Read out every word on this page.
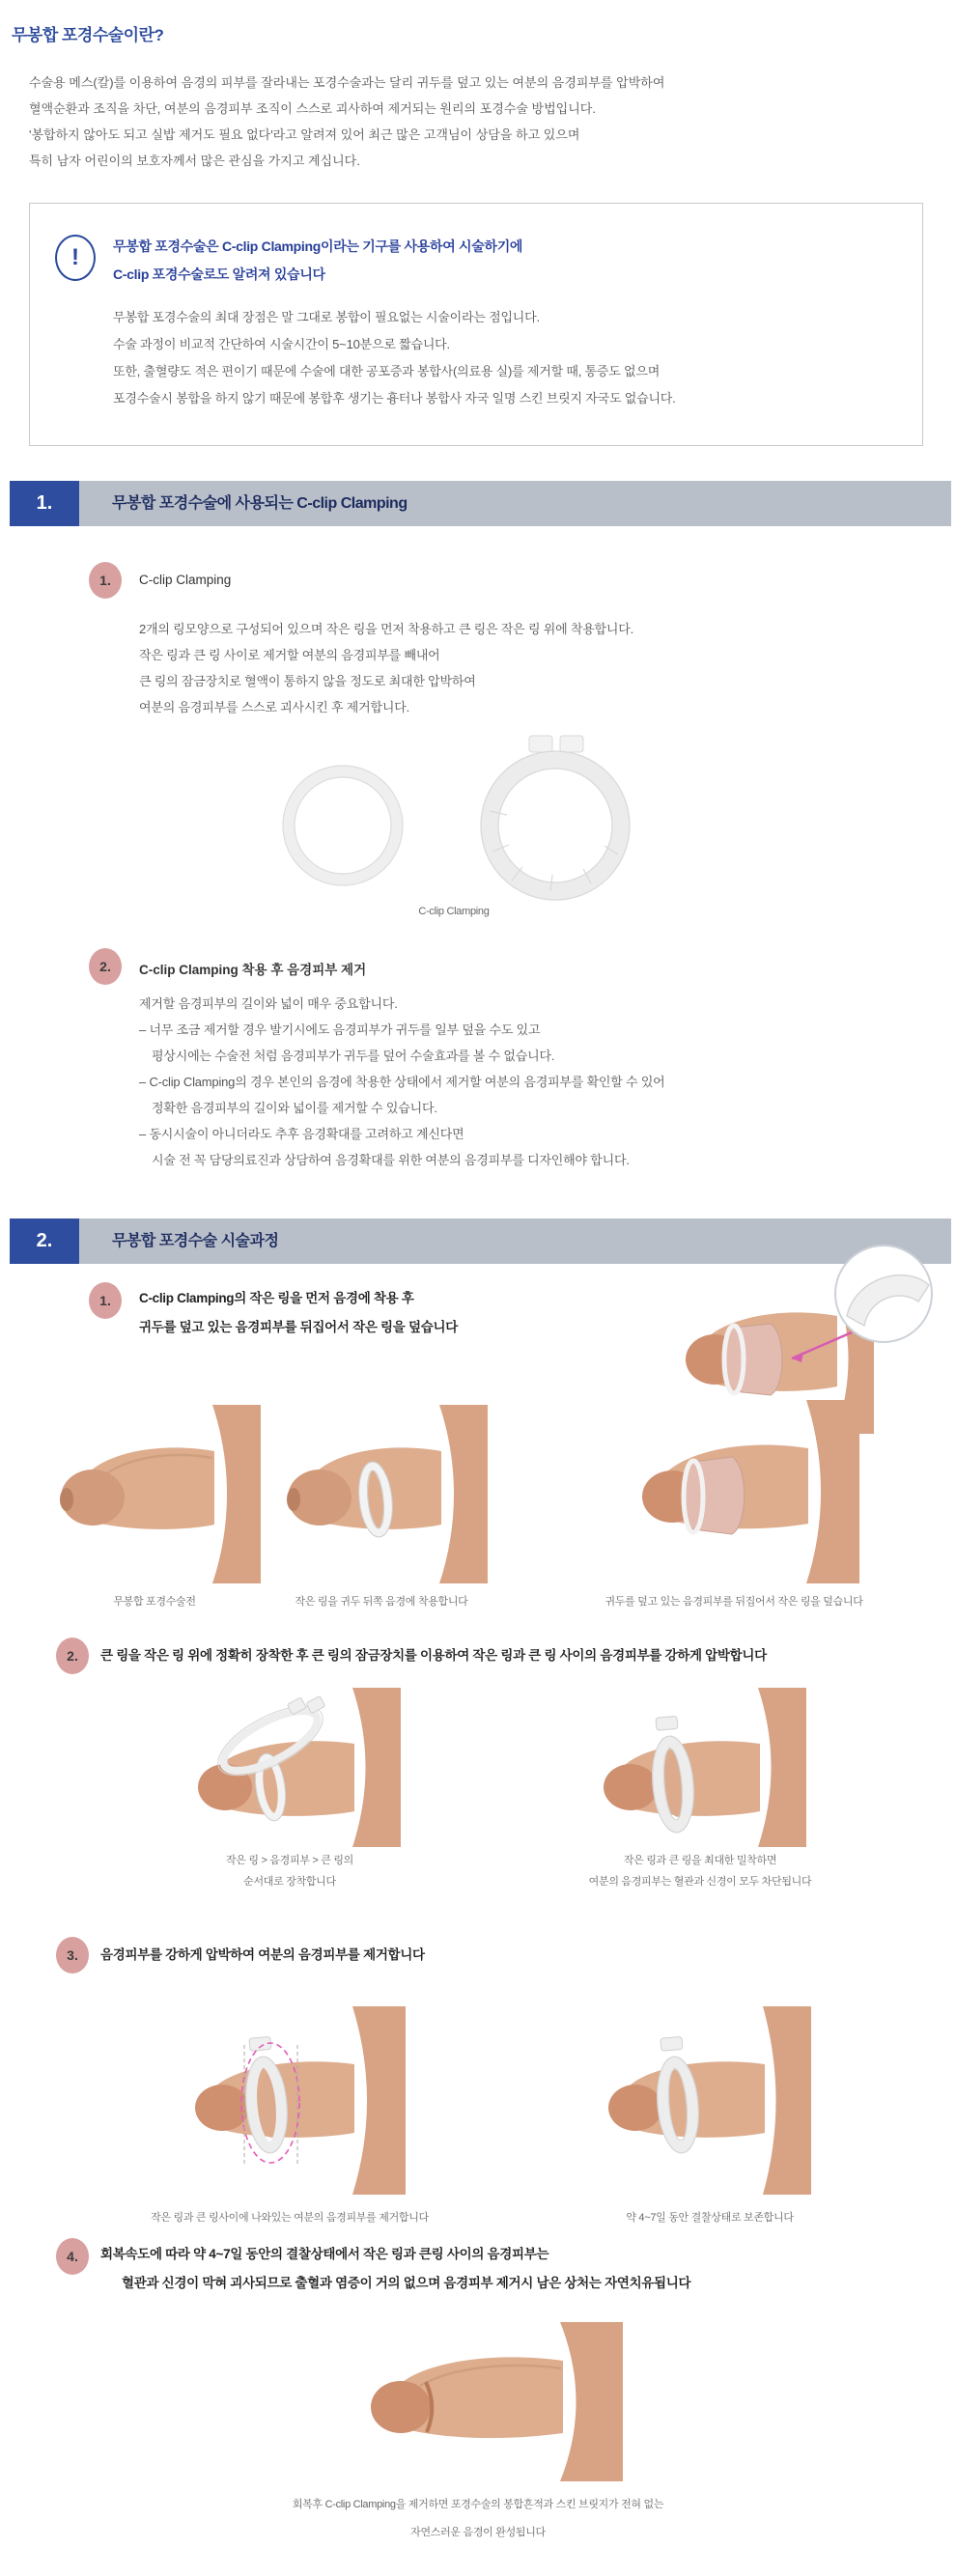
무봉합 포경수술이란?
수술용 메스(칼)를 이용하여 음경의 피부를 잘라내는 포경수술과는 달리 귀두를 덮고 있는 여분의 음경피부를 압박하여
혈액순환과 조직을 차단, 여분의 음경피부 조직이 스스로 괴사하여 제거되는 원리의 포경수술 방법입니다.
'봉합하지 않아도 되고 실밥 제거도 필요 없다'라고 알려져 있어 최근 많은 고객님이 상담을 하고 있으며
특히 남자 어린이의 보호자께서 많은 관심을 가지고 계십니다.
!	무봉합 포경수술은 C-clip Clamping이라는 기구를 사용하여 시술하기에
C-clip 포경수술로도 알려져 있습니다
무봉합 포경수술의 최대 장점은 말 그대로 봉합이 필요없는 시술이라는 점입니다.
수술 과정이 비교적 간단하여 시술시간이 5~10분으로 짧습니다.
또한, 출혈량도 적은 편이기 때문에 수술에 대한 공포증과 봉합사(의료용 실)를 제거할 때, 통증도 없으며
포경수술시 봉합을 하지 않기 때문에 봉합후 생기는 흉터나 봉합사 자국 일명 스킨 브릿지 자국도 없습니다.
1.	무봉합 포경수술에 사용되는 C-clip Clamping
1.	C-clip Clamping
2개의 링모양으로 구성되어 있으며 작은 링을 먼저 착용하고 큰 링은 작은 링 위에 착용합니다.
작은 링과 큰 링 사이로 제거할 여분의 음경피부를 빼내어
큰 링의 잠금장치로 혈액이 통하지 않을 정도로 최대한 압박하여
여분의 음경피부를 스스로 괴사시킨 후 제거합니다.
C-clip Clamping
2.	C-clip Clamping 착용 후 음경피부 제거
제거할 음경피부의 길이와 넓이 매우 중요합니다.
– 너무 조금 제거할 경우 발기시에도 음경피부가 귀두를 일부 덮을 수도 있고
평상시에는 수술전 처럼 음경피부가 귀두를 덮어 수술효과를 볼 수 없습니다.
– C-clip Clamping의 경우 본인의 음경에 착용한 상태에서 제거할 여분의 음경피부를 확인할 수 있어
정확한 음경피부의 길이와 넓이를 제거할 수 있습니다.
– 동시시술이 아니더라도 추후 음경확대를 고려하고 계신다면
시술 전 꼭 담당의료진과 상담하여 음경확대를 위한 여분의 음경피부를 디자인해야 합니다.
2.	무봉합 포경수술 시술과정
1.	C-clip Clamping의 작은 링을 먼저 음경에 착용 후
귀두를 덮고 있는 음경피부를 뒤집어서 작은 링을 덮습니다
무봉합 포경수술전	작은 링을 귀두 뒤쪽 음경에 착용합니다	귀두를 덮고 있는 음경피부를 뒤집어서 작은 링을 덮습니다
2.	큰 링을 작은 링 위에 정확히 장착한 후 큰 링의 잠금장치를 이용하여 작은 링과 큰 링 사이의 음경피부를 강하게 압박합니다
작은 링 > 음경피부 > 큰 링의
순서대로 장착합니다
작은 링과 큰 링을 최대한 밀착하면
여분의 음경피부는 혈관과 신경이 모두 차단됩니다
3.	음경피부를 강하게 압박하여 여분의 음경피부를 제거합니다
작은 링과 큰 링사이에 나와있는 여분의 음경피부를 제거합니다	약 4~7일 동안 결찰상태로 보존합니다
4.	회복속도에 따라 약 4~7일 동안의 결찰상태에서 작은 링과 큰링 사이의 음경피부는
혈관과 신경이 막혀 괴사되므로 출혈과 염증이 거의 없으며 음경피부 제거시 남은 상처는 자연치유됩니다
회복후 C-clip Clamping을 제거하면 포경수술의 봉합흔적과 스킨 브릿지가 전혀 없는
자연스러운 음경이 완성됩니다
